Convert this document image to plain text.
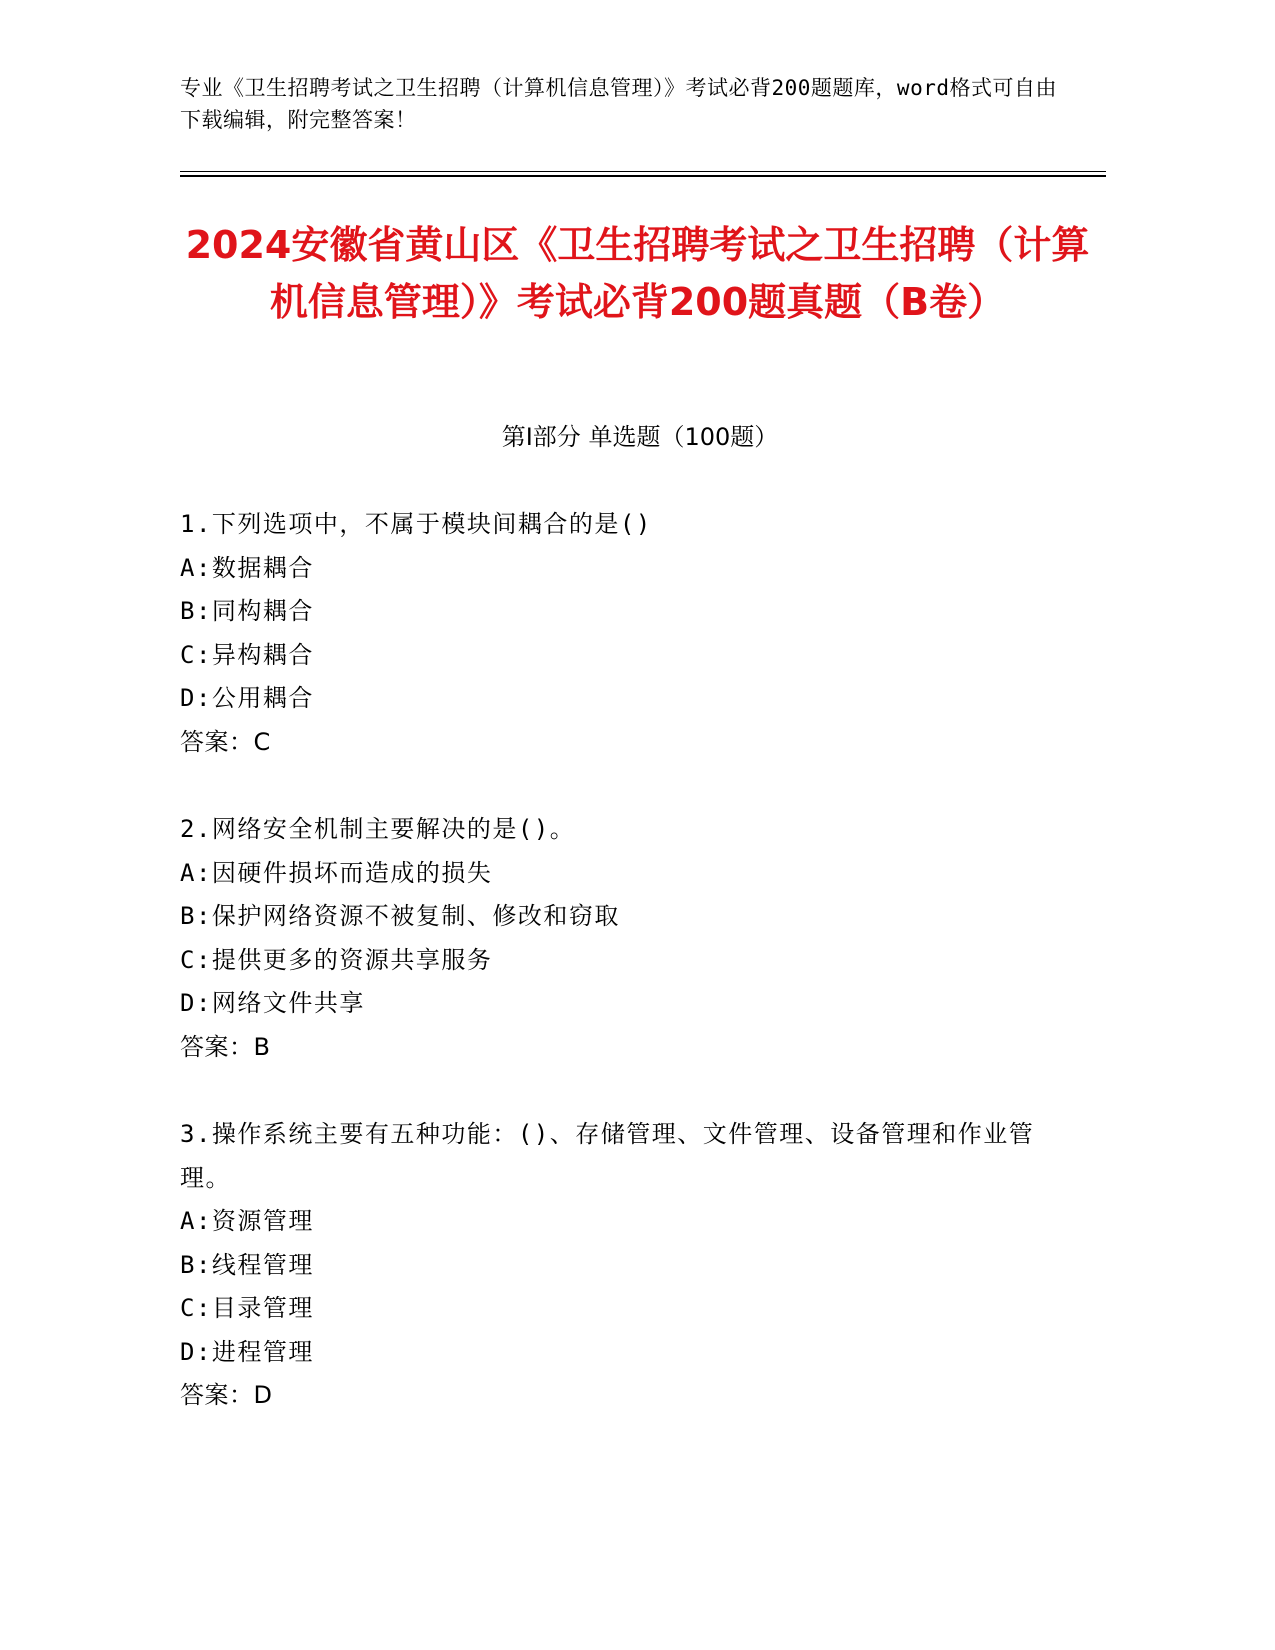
专业《卫生招聘考试之卫生招聘（计算机信息管理）》考试必背200题题库，word格式可自由下载编辑，附完整答案！
2024安徽省黄山区《卫生招聘考试之卫生招聘（计算机信息管理）》考试必背200题真题（B卷）
第I部分 单选题（100题）
1.下列选项中，不属于模块间耦合的是()
A:数据耦合
B:同构耦合
C:异构耦合
D:公用耦合
答案：C
2.网络安全机制主要解决的是()。
A:因硬件损坏而造成的损失
B:保护网络资源不被复制、修改和窃取
C:提供更多的资源共享服务
D:网络文件共享
答案：B
3.操作系统主要有五种功能：()、存储管理、文件管理、设备管理和作业管理。
A:资源管理
B:线程管理
C:目录管理
D:进程管理
答案：D
